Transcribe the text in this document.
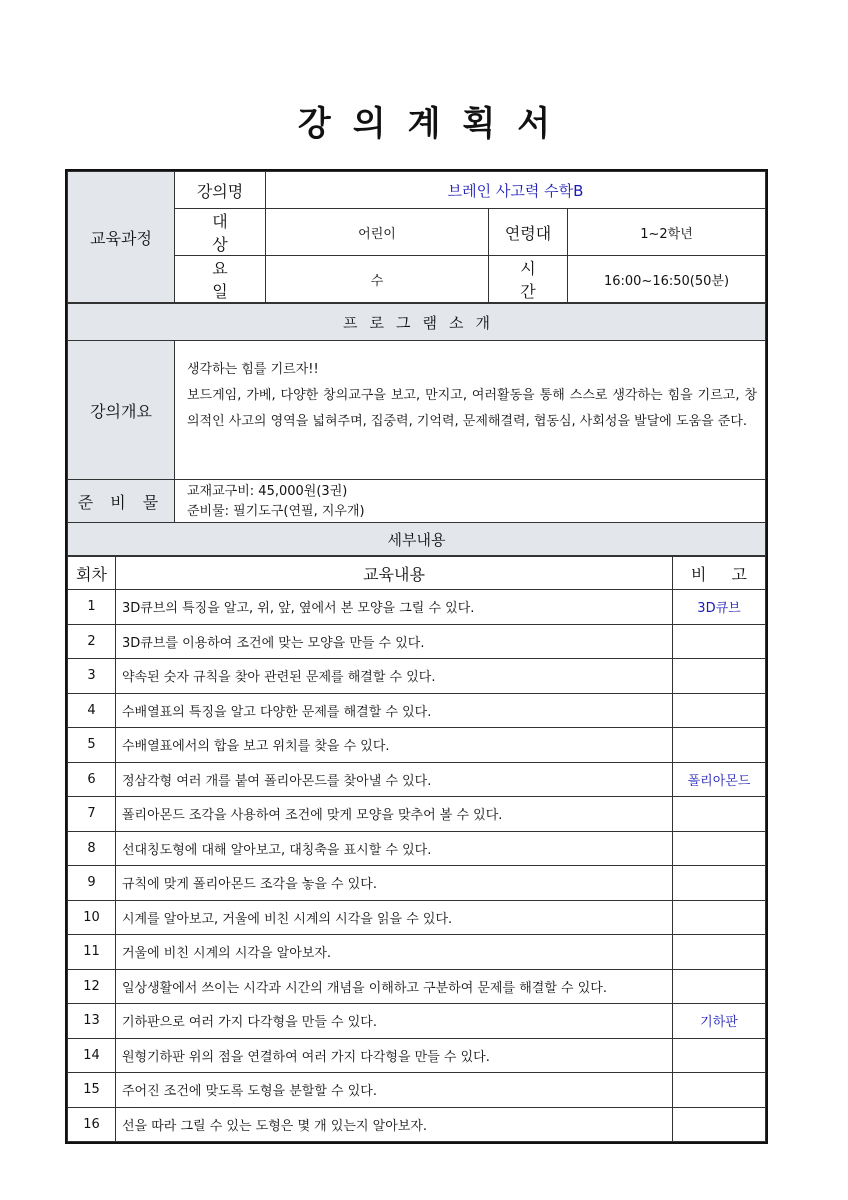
강의계획서
교육과정	강의명	브레인 사고력 수학B		
	대 상	어린이	연령대	1~2학년
	요 일	수	시 간	16:00~16:50(50분)
프로그램소개	
강의개요	생각하는 힘를 기르자!!
보드게임, 가베, 다양한 창의교구을 보고, 만지고, 여러활동을 통해 스스로 생각하는 힘을 기르고, 창의적인 사고의 영역을 넓혀주며, 집중력, 기억력, 문제해결력, 협동심, 사회성을 발달에 도움을 준다.

준 비 물	교재교구비: 45,000원(3권)
준비물: 필기도구(연필, 지우개)

세부내용	
회차	교육내용	비 고
1	3D큐브의 특징을 알고, 위, 앞, 옆에서 본 모양을 그릴 수 있다.	3D큐브
2	3D큐브를 이용하여 조건에 맞는 모양을 만들 수 있다.	
3	약속된 숫자 규칙을 찾아 관련된 문제를 해결할 수 있다.	
4	수배열표의 특징을 알고 다양한 문제를 해결할 수 있다.	
5	수배열표에서의 합을 보고 위치를 찾을 수 있다.	
6	정삼각형 여러 개를 붙여 폴리아몬드를 찾아낼 수 있다.	폴리아몬드
7	폴리아몬드 조각을 사용하여 조건에 맞게 모양을 맞추어 볼 수 있다.	
8	선대칭도형에 대해 알아보고, 대칭축을 표시할 수 있다.	
9	규칙에 맞게 폴리아몬드 조각을 놓을 수 있다.	
10	시계를 알아보고, 거울에 비친 시계의 시각을 읽을 수 있다.	
11	거울에 비친 시계의 시각을 알아보자.	
12	일상생활에서 쓰이는 시각과 시간의 개념을 이해하고 구분하여 문제를 해결할 수 있다.	
13	기하판으로 여러 가지 다각형을 만들 수 있다.	기하판
14	원형기하판 위의 점을 연결하여 여러 가지 다각형을 만들 수 있다.	
15	주어진 조건에 맞도록 도형을 분할할 수 있다.	
16	선을 따라 그릴 수 있는 도형은 몇 개 있는지 알아보자.	
